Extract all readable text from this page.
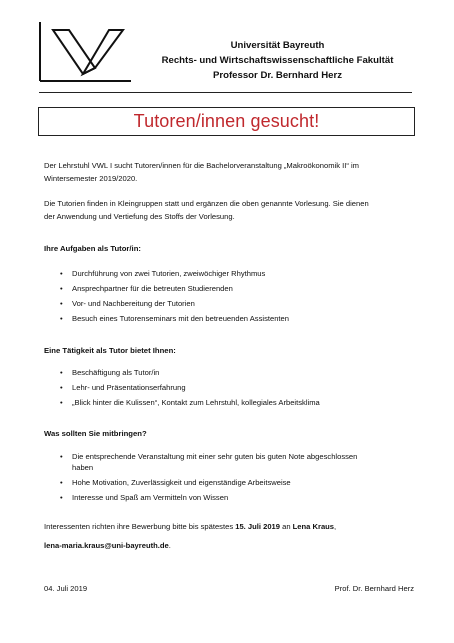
Universität Bayreuth
Rechts- und Wirtschaftswissenschaftliche Fakultät
Professor Dr. Bernhard Herz
Tutoren/innen gesucht!
Der Lehrstuhl VWL I sucht Tutoren/innen für die Bachelorveranstaltung „Makroökonomik II“ im
Wintersemester 2019/2020.
Die Tutorien finden in Kleingruppen statt und ergänzen die oben genannte Vorlesung. Sie dienen
der Anwendung und Vertiefung des Stoffs der Vorlesung.
Ihre Aufgaben als Tutor/in:
• Durchführung von zwei Tutorien, zweiwöchiger Rhythmus
• Ansprechpartner für die betreuten Studierenden
• Vor- und Nachbereitung der Tutorien
• Besuch eines Tutorenseminars mit den betreuenden Assistenten
Eine Tätigkeit als Tutor bietet Ihnen:
• Beschäftigung als Tutor/in
• Lehr- und Präsentationserfahrung
• „Blick hinter die Kulissen“, Kontakt zum Lehrstuhl, kollegiales Arbeitsklima
Was sollten Sie mitbringen?
• Die entsprechende Veranstaltung mit einer sehr guten bis guten Note abgeschlossen
haben
• Hohe Motivation, Zuverlässigkeit und eigenständige Arbeitsweise
• Interesse und Spaß am Vermitteln von Wissen
Interessenten richten ihre Bewerbung bitte bis spätestes 15. Juli 2019 an Lena Kraus,
lena-maria.kraus@uni-bayreuth.de.
04. Juli 2019	Prof. Dr. Bernhard Herz
